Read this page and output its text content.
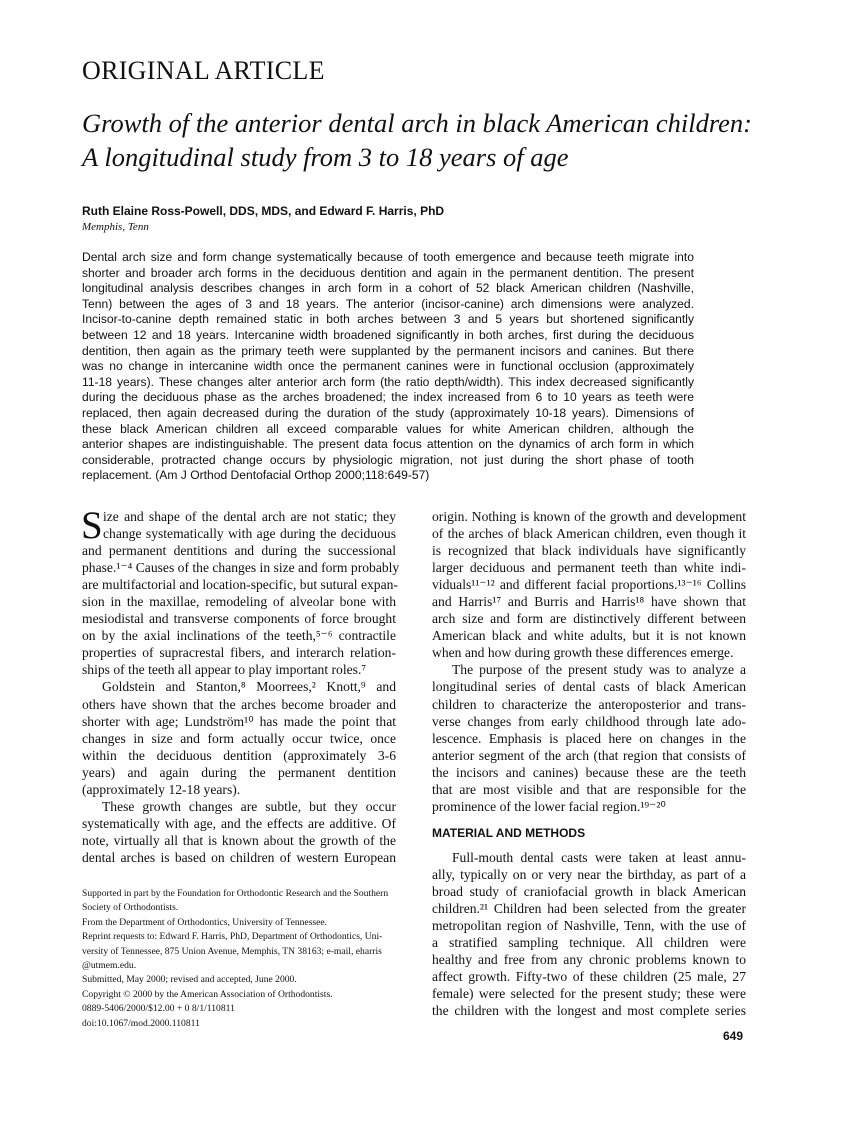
ORIGINAL ARTICLE
Growth of the anterior dental arch in black American children:
A longitudinal study from 3 to 18 years of age
Ruth Elaine Ross-Powell, DDS, MDS, and Edward F. Harris, PhD
Memphis, Tenn
Dental arch size and form change systematically because of tooth emergence and because teeth migrate into
shorter and broader arch forms in the deciduous dentition and again in the permanent dentition. The present
longitudinal analysis describes changes in arch form in a cohort of 52 black American children (Nashville,
Tenn) between the ages of 3 and 18 years. The anterior (incisor-canine) arch dimensions were analyzed.
Incisor-to-canine depth remained static in both arches between 3 and 5 years but shortened significantly
between 12 and 18 years. Intercanine width broadened significantly in both arches, first during the deciduous
dentition, then again as the primary teeth were supplanted by the permanent incisors and canines. But there
was no change in intercanine width once the permanent canines were in functional occlusion (approximately
11-18 years). These changes alter anterior arch form (the ratio depth/width). This index decreased significantly
during the deciduous phase as the arches broadened; the index increased from 6 to 10 years as teeth were
replaced, then again decreased during the duration of the study (approximately 10-18 years). Dimensions of
these black American children all exceed comparable values for white American children, although the
anterior shapes are indistinguishable. The present data focus attention on the dynamics of arch form in which
considerable, protracted change occurs by physiologic migration, not just during the short phase of tooth
replacement. (Am J Orthod Dentofacial Orthop 2000;118:649-57)
S ize and shape of the dental arch are not static; they
change systematically with age during the deciduous
and permanent dentitions and during the successional
phase.¹⁻⁴ Causes of the changes in size and form probably
are multifactorial and location-specific, but sutural expan-
sion in the maxillae, remodeling of alveolar bone with
mesiodistal and transverse components of force brought
on by the axial inclinations of the teeth,⁵⁻⁶ contractile
properties of supracrestal fibers, and interarch relation-
ships of the teeth all appear to play important roles.⁷
Goldstein and Stanton,⁸ Moorrees,² Knott,⁹ and
others have shown that the arches become broader and
shorter with age; Lundström¹⁰ has made the point that
changes in size and form actually occur twice, once
within the deciduous dentition (approximately 3-6
years) and again during the permanent dentition
(approximately 12-18 years).
These growth changes are subtle, but they occur
systematically with age, and the effects are additive. Of
note, virtually all that is known about the growth of the
dental arches is based on children of western European
origin. Nothing is known of the growth and development
of the arches of black American children, even though it
is recognized that black individuals have significantly
larger deciduous and permanent teeth than white indi-
viduals¹¹⁻¹² and different facial proportions.¹³⁻¹⁶ Collins
and Harris¹⁷ and Burris and Harris¹⁸ have shown that
arch size and form are distinctively different between
American black and white adults, but it is not known
when and how during growth these differences emerge.
The purpose of the present study was to analyze a
longitudinal series of dental casts of black American
children to characterize the anteroposterior and trans-
verse changes from early childhood through late ado-
lescence. Emphasis is placed here on changes in the
anterior segment of the arch (that region that consists of
the incisors and canines) because these are the teeth
that are most visible and that are responsible for the
prominence of the lower facial region.¹⁹⁻²⁰
MATERIAL AND METHODS
Full-mouth dental casts were taken at least annu-
ally, typically on or very near the birthday, as part of a
broad study of craniofacial growth in black American
children.²¹ Children had been selected from the greater
metropolitan region of Nashville, Tenn, with the use of
a stratified sampling technique. All children were
healthy and free from any chronic problems known to
affect growth. Fifty-two of these children (25 male, 27
female) were selected for the present study; these were
the children with the longest and most complete series
Supported in part by the Foundation for Orthodontic Research and the Southern
Society of Orthodontists.
From the Department of Orthodontics, University of Tennessee.
Reprint requests to: Edward F. Harris, PhD, Department of Orthodontics, Uni-
versity of Tennessee, 875 Union Avenue, Memphis, TN 38163; e-mail, eharris
@utmem.edu.
Submitted, May 2000; revised and accepted, June 2000.
Copyright © 2000 by the American Association of Orthodontists.
0889-5406/2000/$12.00 + 0 8/1/110811
doi:10.1067/mod.2000.110811
649
